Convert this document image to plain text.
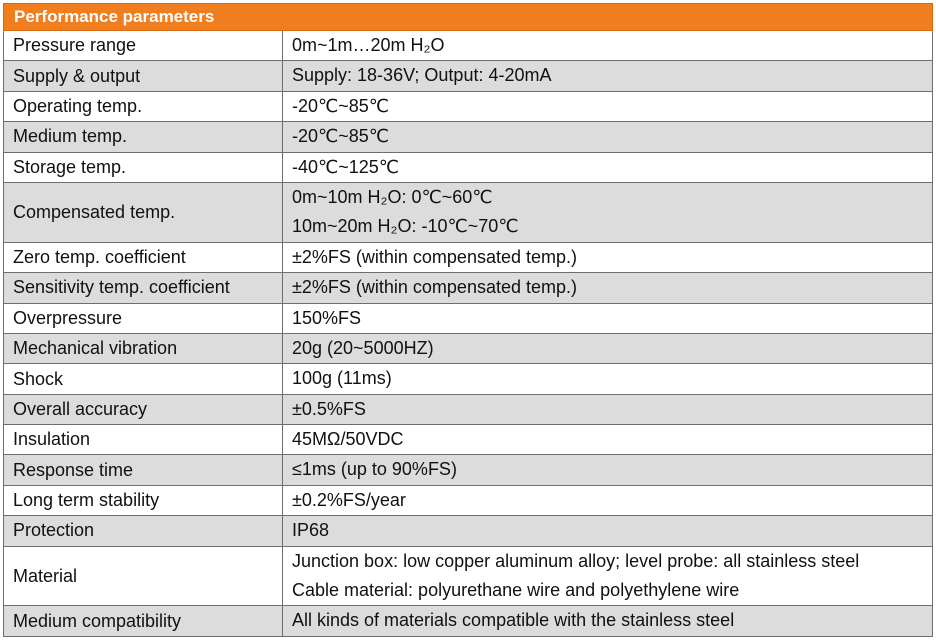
Performance parameters	
Pressure range	0m~1m…20m H₂O

Supply & output	Supply: 18-36V; Output: 4-20mA

Operating temp.	-20℃~85℃

Medium temp.	-20℃~85℃

Storage temp.	-40℃~125℃

Compensated temp.	0m~10m H₂O: 0℃~60℃
10m~20m H₂O: -10℃~70℃

Zero temp. coefficient	±2%FS (within compensated temp.)

Sensitivity temp. coefficient	±2%FS (within compensated temp.)

Overpressure	150%FS

Mechanical vibration	20g (20~5000HZ)

Shock	100g (11ms)

Overall accuracy	±0.5%FS

Insulation	45MΩ/50VDC

Response time	≤1ms (up to 90%FS)

Long term stability	±0.2%FS/year

Protection	IP68

Material	Junction box: low copper aluminum alloy; level probe: all stainless steel
Cable material: polyurethane wire and polyethylene wire

Medium compatibility	All kinds of materials compatible with the stainless steel
